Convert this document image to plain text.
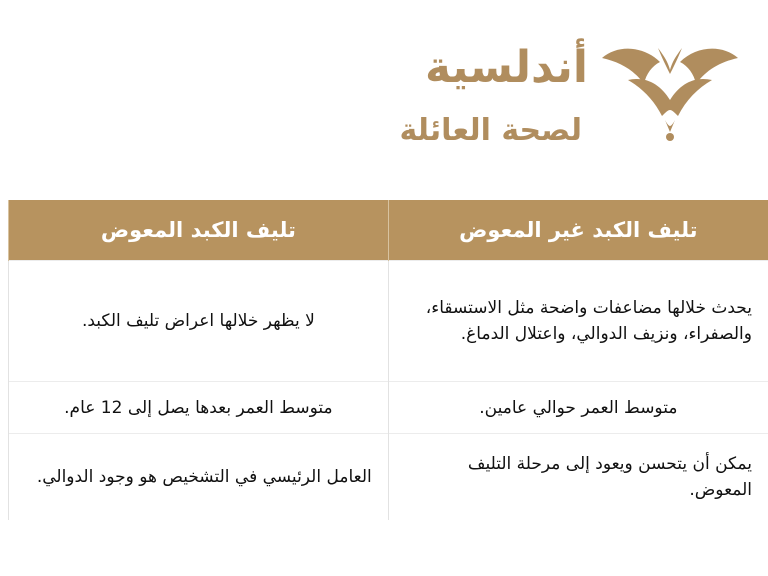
أندلسية
لصحة العائلة
تليف الكبد غير المعوض	تليف الكبد المعوض
يحدث خلالها مضاعفات واضحة مثل الاستسقاء، والصفراء، ونزيف الدوالي، واعتلال الدماغ.	لا يظهر خلالها اعراض تليف الكبد.
متوسط العمر حوالي عامين.	متوسط العمر بعدها يصل إلى 12 عام.
يمكن أن يتحسن ويعود إلى مرحلة التليف المعوض.	العامل الرئيسي في التشخيص هو وجود الدوالي.
